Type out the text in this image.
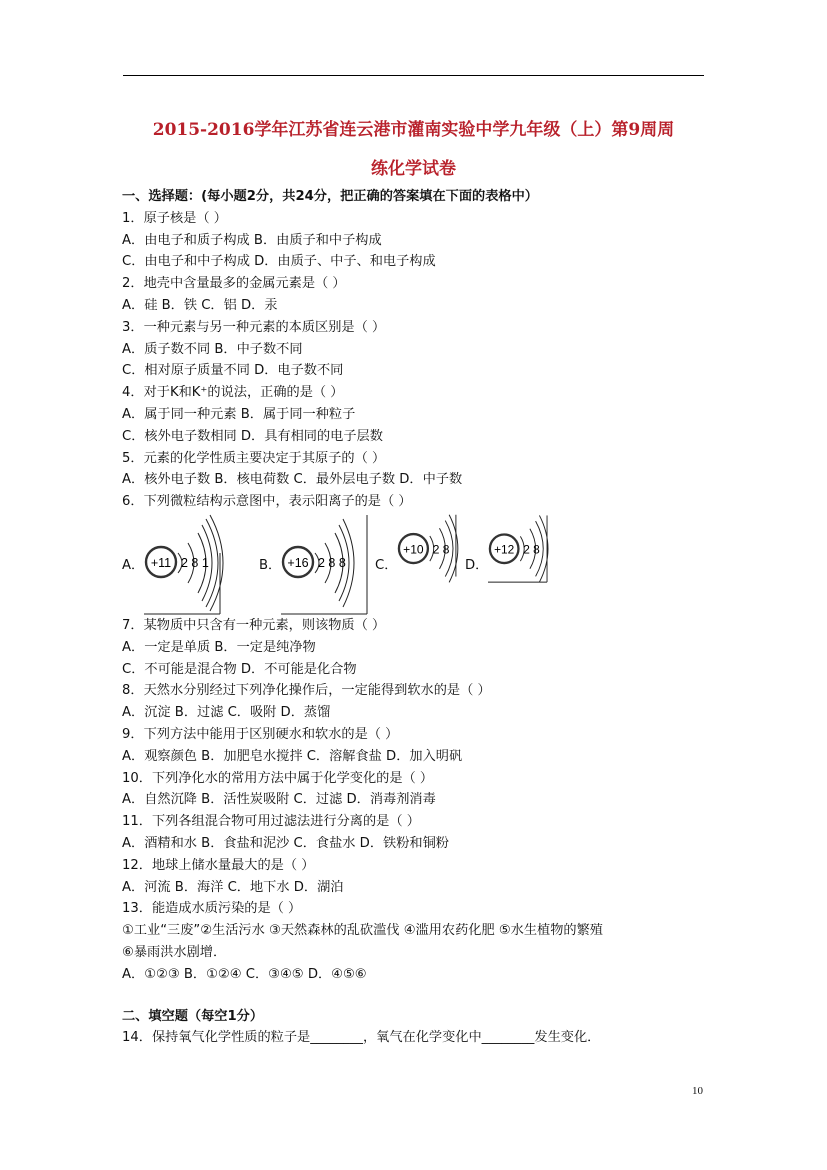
2015-2016学年江苏省连云港市灌南实验中学九年级（上）第9周周
练化学试卷
一、选择题：(每小题2分，共24分，把正确的答案填在下面的表格中）
1．原子核是（ ）
A．由电子和质子构成 B．由质子和中子构成
C．由电子和中子构成 D．由质子、中子、和电子构成
2．地壳中含量最多的金属元素是（ ）
A．硅 B．铁 C．铝 D．汞
3．一种元素与另一种元素的本质区别是（ ）
A．质子数不同 B．中子数不同
C．相对原子质量不同 D．电子数不同
4．对于K和K⁺的说法，正确的是（ ）
A．属于同一种元素 B．属于同一种粒子
C．核外电子数相同 D．具有相同的电子层数
5．元素的化学性质主要决定于其原子的（ ）
A．核外电子数 B．核电荷数 C．最外层电子数 D．中子数
6．下列微粒结构示意图中，表示阳离子的是（ ）
A． +11 2 8 1	B． +16 2 8 8 C．
+10 2 8
D．
+12 2 8
7．某物质中只含有一种元素，则该物质（ ）
A．一定是单质 B．一定是纯净物
C．不可能是混合物 D．不可能是化合物
8．天然水分别经过下列净化操作后，一定能得到软水的是（ ）
A．沉淀 B．过滤 C．吸附 D．蒸馏
9．下列方法中能用于区别硬水和软水的是（ ）
A．观察颜色 B．加肥皂水搅拌 C．溶解食盐 D．加入明矾
10．下列净化水的常用方法中属于化学变化的是（ ）
A．自然沉降 B．活性炭吸附 C．过滤 D．消毒剂消毒
11．下列各组混合物可用过滤法进行分离的是（ ）
A．酒精和水 B．食盐和泥沙 C．食盐水 D．铁粉和铜粉
12．地球上储水量最大的是（ ）
A．河流 B．海洋 C．地下水 D．湖泊
13．能造成水质污染的是（ ）
①工业“三废”②生活污水 ③天然森林的乱砍滥伐 ④滥用农药化肥 ⑤水生植物的繁殖
⑥暴雨洪水剧增．
A．①②③ B．①②④ C．③④⑤ D．④⑤⑥
二、填空题（每空1分）
14．保持氧气化学性质的粒子是________，氧气在化学变化中________发生变化．
10
